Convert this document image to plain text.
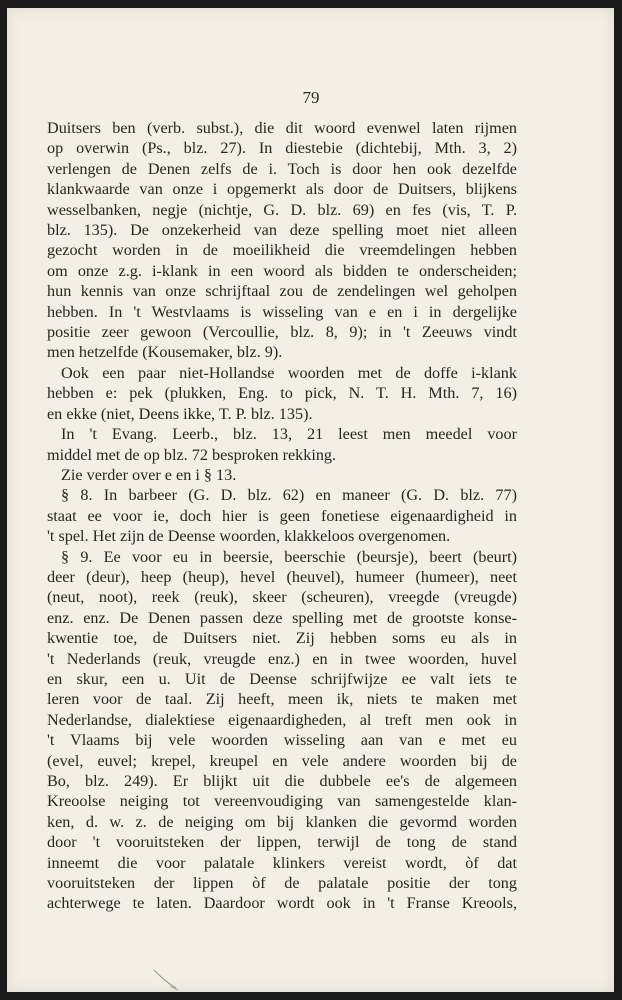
79
Duitsers ben (verb. subst.), die dit woord evenwel laten rijmen
op overwin (Ps., blz. 27). In diestebie (dichtebij, Mth. 3, 2)
verlengen de Denen zelfs de i. Toch is door hen ook dezelfde
klankwaarde van onze i opgemerkt als door de Duitsers, blijkens
wesselbanken, negje (nichtje, G. D. blz. 69) en fes (vis, T. P.
blz. 135). De onzekerheid van deze spelling moet niet alleen
gezocht worden in de moeilikheid die vreemdelingen hebben
om onze z.g. i-klank in een woord als bidden te onderscheiden;
hun kennis van onze schrijftaal zou de zendelingen wel geholpen
hebben. In 't Westvlaams is wisseling van e en i in dergelijke
positie zeer gewoon (Vercoullie, blz. 8, 9); in 't Zeeuws vindt
men hetzelfde (Kousemaker, blz. 9).
Ook een paar niet-Hollandse woorden met de doffe i-klank
hebben e: pek (plukken, Eng. to pick, N. T. H. Mth. 7, 16)
en ekke (niet, Deens ikke, T. P. blz. 135).
In 't Evang. Leerb., blz. 13, 21 leest men meedel voor
middel met de op blz. 72 besproken rekking.
Zie verder over e en i § 13.
§ 8. In barbeer (G. D. blz. 62) en maneer (G. D. blz. 77)
staat ee voor ie, doch hier is geen fonetiese eigenaardigheid in
't spel. Het zijn de Deense woorden, klakkeloos overgenomen.
§ 9. Ee voor eu in beersie, beerschie (beursje), beert (beurt)
deer (deur), heep (heup), hevel (heuvel), humeer (humeer), neet
(neut, noot), reek (reuk), skeer (scheuren), vreegde (vreugde)
enz. enz. De Denen passen deze spelling met de grootste konse-
kwentie toe, de Duitsers niet. Zij hebben soms eu als in
't Nederlands (reuk, vreugde enz.) en in twee woorden, huvel
en skur, een u. Uit de Deense schrijfwijze ee valt iets te
leren voor de taal. Zij heeft, meen ik, niets te maken met
Nederlandse, dialektiese eigenaardigheden, al treft men ook in
't Vlaams bij vele woorden wisseling aan van e met eu
(evel, euvel; krepel, kreupel en vele andere woorden bij de
Bo, blz. 249). Er blijkt uit die dubbele ee's de algemeen
Kreoolse neiging tot vereenvoudiging van samengestelde klan-
ken, d. w. z. de neiging om bij klanken die gevormd worden
door 't vooruitsteken der lippen, terwijl de tong de stand
inneemt die voor palatale klinkers vereist wordt, òf dat
vooruitsteken der lippen òf de palatale positie der tong
achterwege te laten. Daardoor wordt ook in 't Franse Kreools,
